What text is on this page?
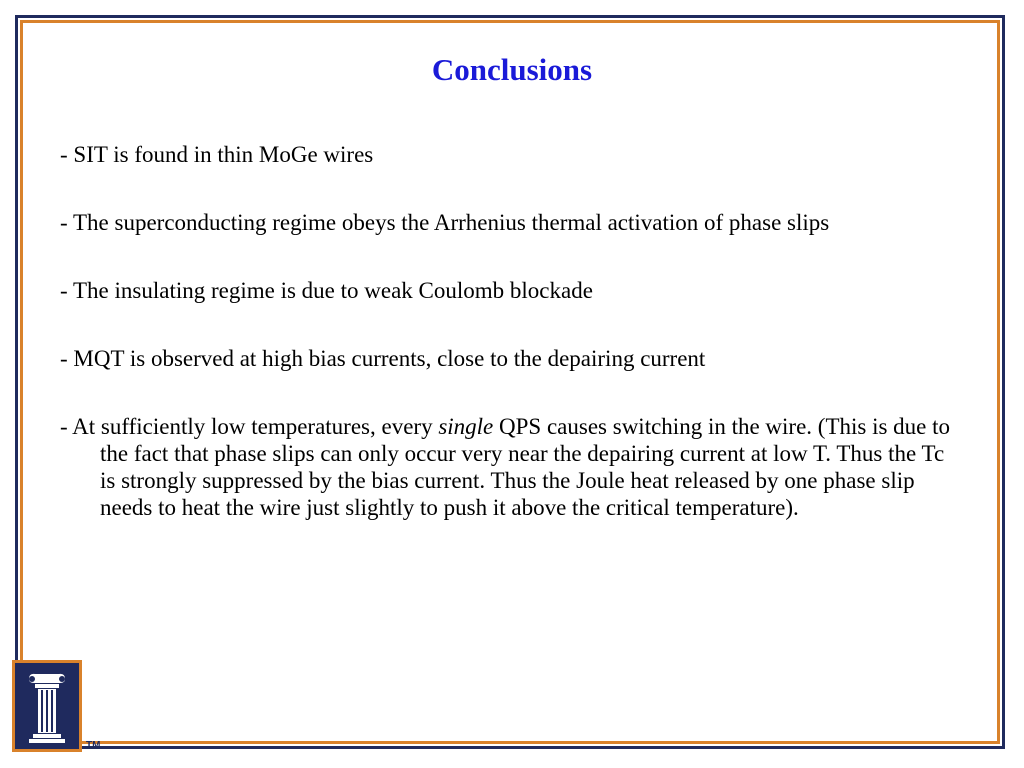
Conclusions
- SIT is found in thin MoGe wires
- The superconducting regime obeys the Arrhenius thermal activation of phase slips
- The insulating regime is due to weak Coulomb blockade
- MQT is observed at high bias currents, close to the depairing current
- At sufficiently low temperatures, every single QPS causes switching in the wire. (This is due to the fact that phase slips can only occur very near the depairing current at low T. Thus the Tc is strongly suppressed by the bias current. Thus the Joule heat released by one phase slip needs to heat the wire just slightly to push it above the critical temperature).
TM
